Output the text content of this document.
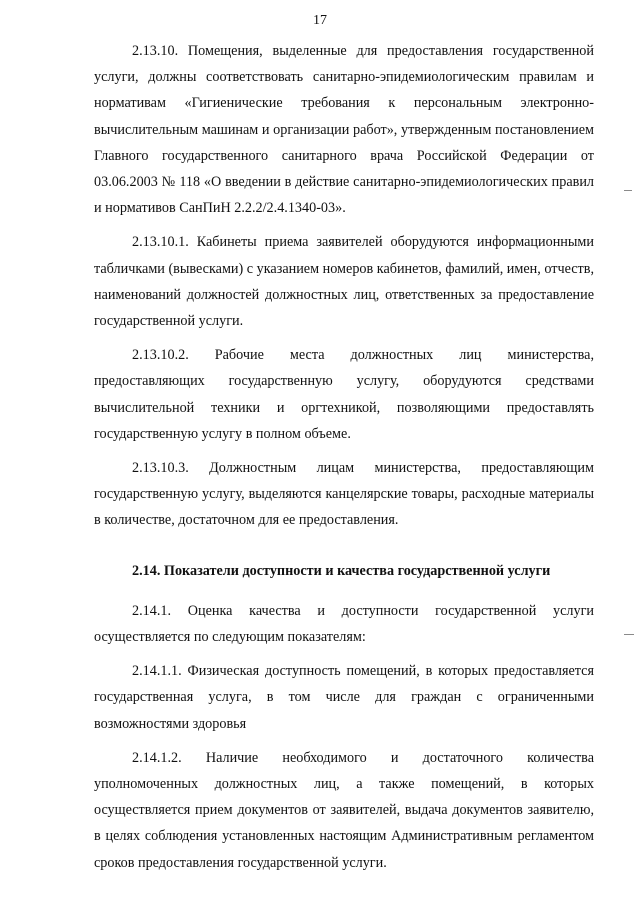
17

2.13.10. Помещения, выделенные для предоставления государственной услуги, должны соответствовать санитарно-эпидемиологическим правилам и нормативам «Гигиенические требования к персональным электронно-вычислительным машинам и организации работ», утвержденным постановлением Главного государственного санитарного врача Российской Федерации от 03.06.2003 № 118 «О введении в действие санитарно-эпидемиологических правил и нормативов СанПиН 2.2.2/2.4.1340-03».

2.13.10.1. Кабинеты приема заявителей оборудуются информационными табличками (вывесками) с указанием номеров кабинетов, фамилий, имен, отчеств, наименований должностей должностных лиц, ответственных за предоставление государственной услуги.

2.13.10.2. Рабочие места должностных лиц министерства, предоставляющих государственную услугу, оборудуются средствами вычислительной техники и оргтехникой, позволяющими предоставлять государственную услугу в полном объеме.

2.13.10.3. Должностным лицам министерства, предоставляющим государственную услугу, выделяются канцелярские товары, расходные материалы в количестве, достаточном для ее предоставления.

2.14. Показатели доступности и качества государственной услуги

2.14.1. Оценка качества и доступности государственной услуги осуществляется по следующим показателям:

2.14.1.1. Физическая доступность помещений, в которых предоставляется государственная услуга, в том числе для граждан с ограниченными возможностями здоровья

2.14.1.2. Наличие необходимого и достаточного количества уполномоченных должностных лиц, а также помещений, в которых осуществляется прием документов от заявителей, выдача документов заявителю, в целях соблюдения установленных настоящим Административным регламентом сроков предоставления государственной услуги.
